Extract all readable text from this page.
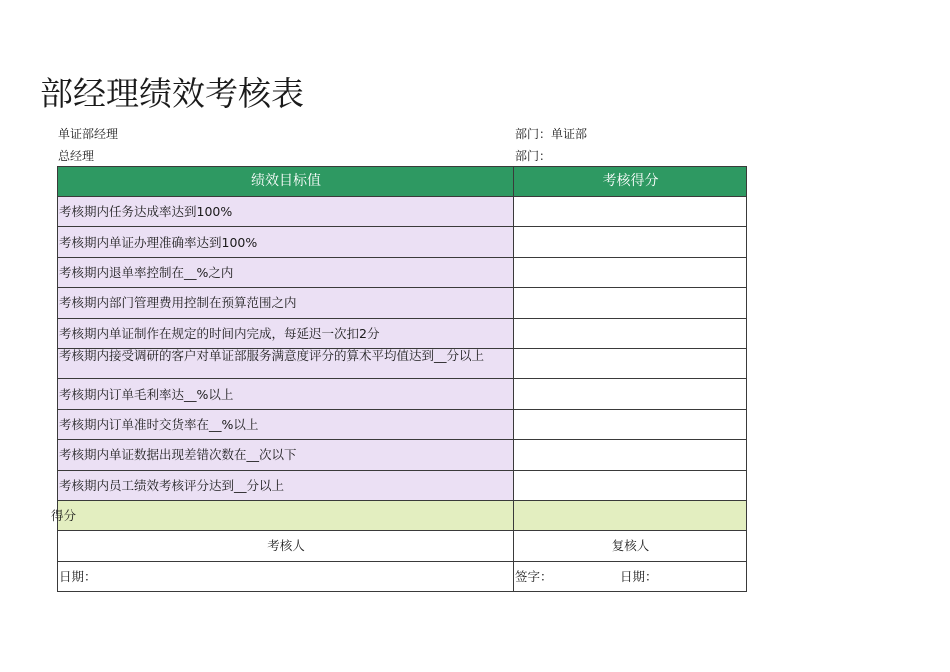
部经理绩效考核表
单证部经理	部门：单证部
总经理	部门：
绩效目标值	考核得分
考核期内任务达成率达到100%	
考核期内单证办理准确率达到100%	
考核期内退单率控制在__%之内	
考核期内部门管理费用控制在预算范围之内	
考核期内单证制作在规定的时间内完成，每延迟一次扣2分	
考核期内接受调研的客户对单证部服务满意度评分的算术平均值达到__分以上	
考核期内订单毛利率达__%以上	
考核期内订单准时交货率在__%以上	
考核期内单证数据出现差错次数在__次以下	
考核期内员工绩效考核评分达到__分以上	
得分	
考核人	复核人
日期：	签字： 日期：
